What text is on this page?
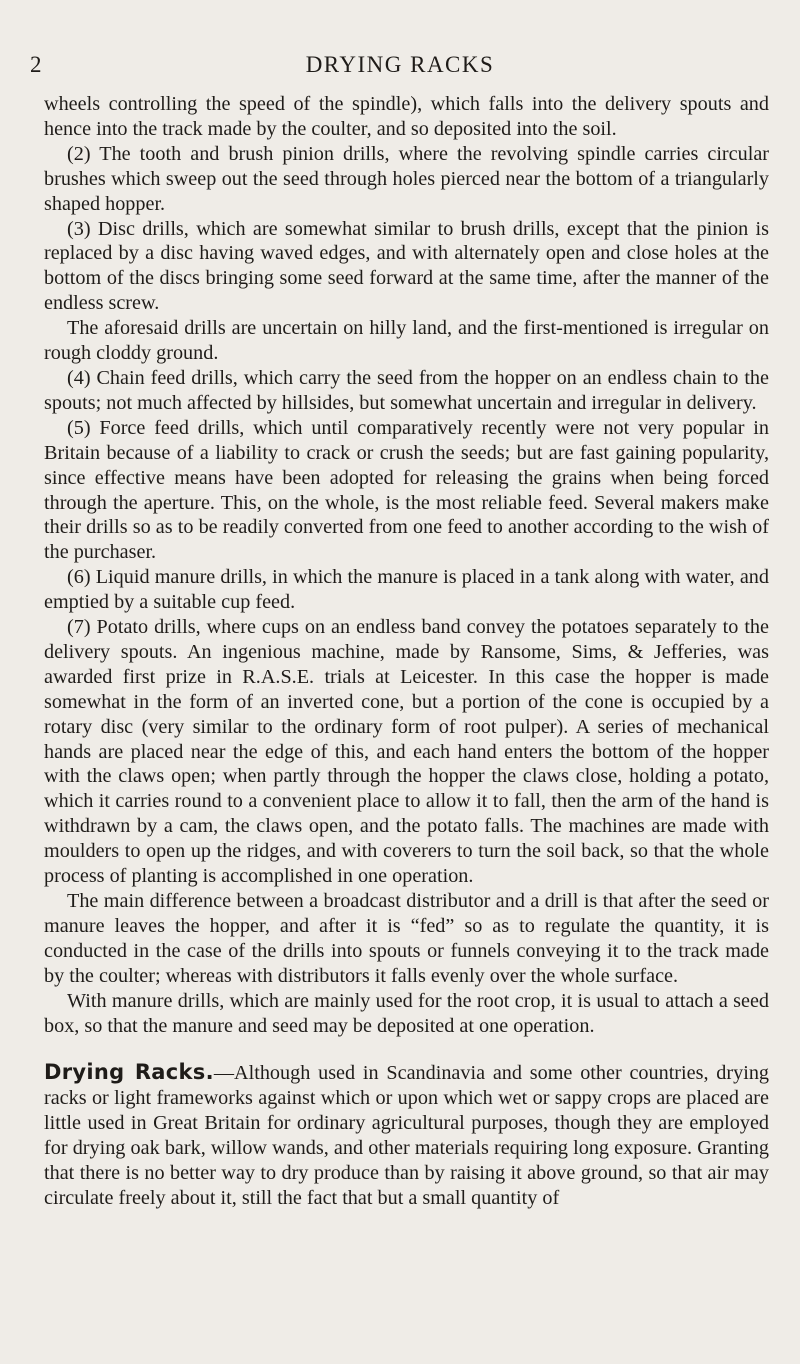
2	DRYING RACKS

wheels controlling the speed of the spindle), which falls into the delivery spouts and hence into the track made by the coulter, and so deposited into the soil.

(2) The tooth and brush pinion drills, where the revolving spindle carries circular brushes which sweep out the seed through holes pierced near the bottom of a triangularly shaped hopper.

(3) Disc drills, which are somewhat similar to brush drills, except that the pinion is replaced by a disc having waved edges, and with alternately open and close holes at the bottom of the discs bringing some seed forward at the same time, after the manner of the endless screw.

The aforesaid drills are uncertain on hilly land, and the first-mentioned is irregular on rough cloddy ground.

(4) Chain feed drills, which carry the seed from the hopper on an endless chain to the spouts; not much affected by hillsides, but somewhat uncertain and irregular in delivery.

(5) Force feed drills, which until comparatively recently were not very popular in Britain because of a liability to crack or crush the seeds; but are fast gaining popularity, since effective means have been adopted for releasing the grains when being forced through the aperture. This, on the whole, is the most reliable feed. Several makers make their drills so as to be readily converted from one feed to another according to the wish of the purchaser.

(6) Liquid manure drills, in which the manure is placed in a tank along with water, and emptied by a suitable cup feed.

(7) Potato drills, where cups on an endless band convey the potatoes separately to the delivery spouts. An ingenious machine, made by Ransome, Sims, & Jefferies, was awarded first prize in R.A.S.E. trials at Leicester. In this case the hopper is made somewhat in the form of an inverted cone, but a portion of the cone is occupied by a rotary disc (very similar to the ordinary form of root pulper). A series of mechanical hands are placed near the edge of this, and each hand enters the bottom of the hopper with the claws open; when partly through the hopper the claws close, holding a potato, which it carries round to a convenient place to allow it to fall, then the arm of the hand is withdrawn by a cam, the claws open, and the potato falls. The machines are made with moulders to open up the ridges, and with coverers to turn the soil back, so that the whole process of planting is accomplished in one operation.

The main difference between a broadcast distributor and a drill is that after the seed or manure leaves the hopper, and after it is “fed” so as to regulate the quantity, it is conducted in the case of the drills into spouts or funnels conveying it to the track made by the coulter; whereas with distributors it falls evenly over the whole surface.

With manure drills, which are mainly used for the root crop, it is usual to attach a seed box, so that the manure and seed may be deposited at one operation.

Drying Racks.—Although used in Scandinavia and some other countries, drying racks or light frameworks against which or upon which wet or sappy crops are placed are little used in Great Britain for ordinary agricultural purposes, though they are employed for drying oak bark, willow wands, and other materials requiring long exposure. Granting that there is no better way to dry produce than by raising it above ground, so that air may circulate freely about it, still the fact that but a small quantity of
